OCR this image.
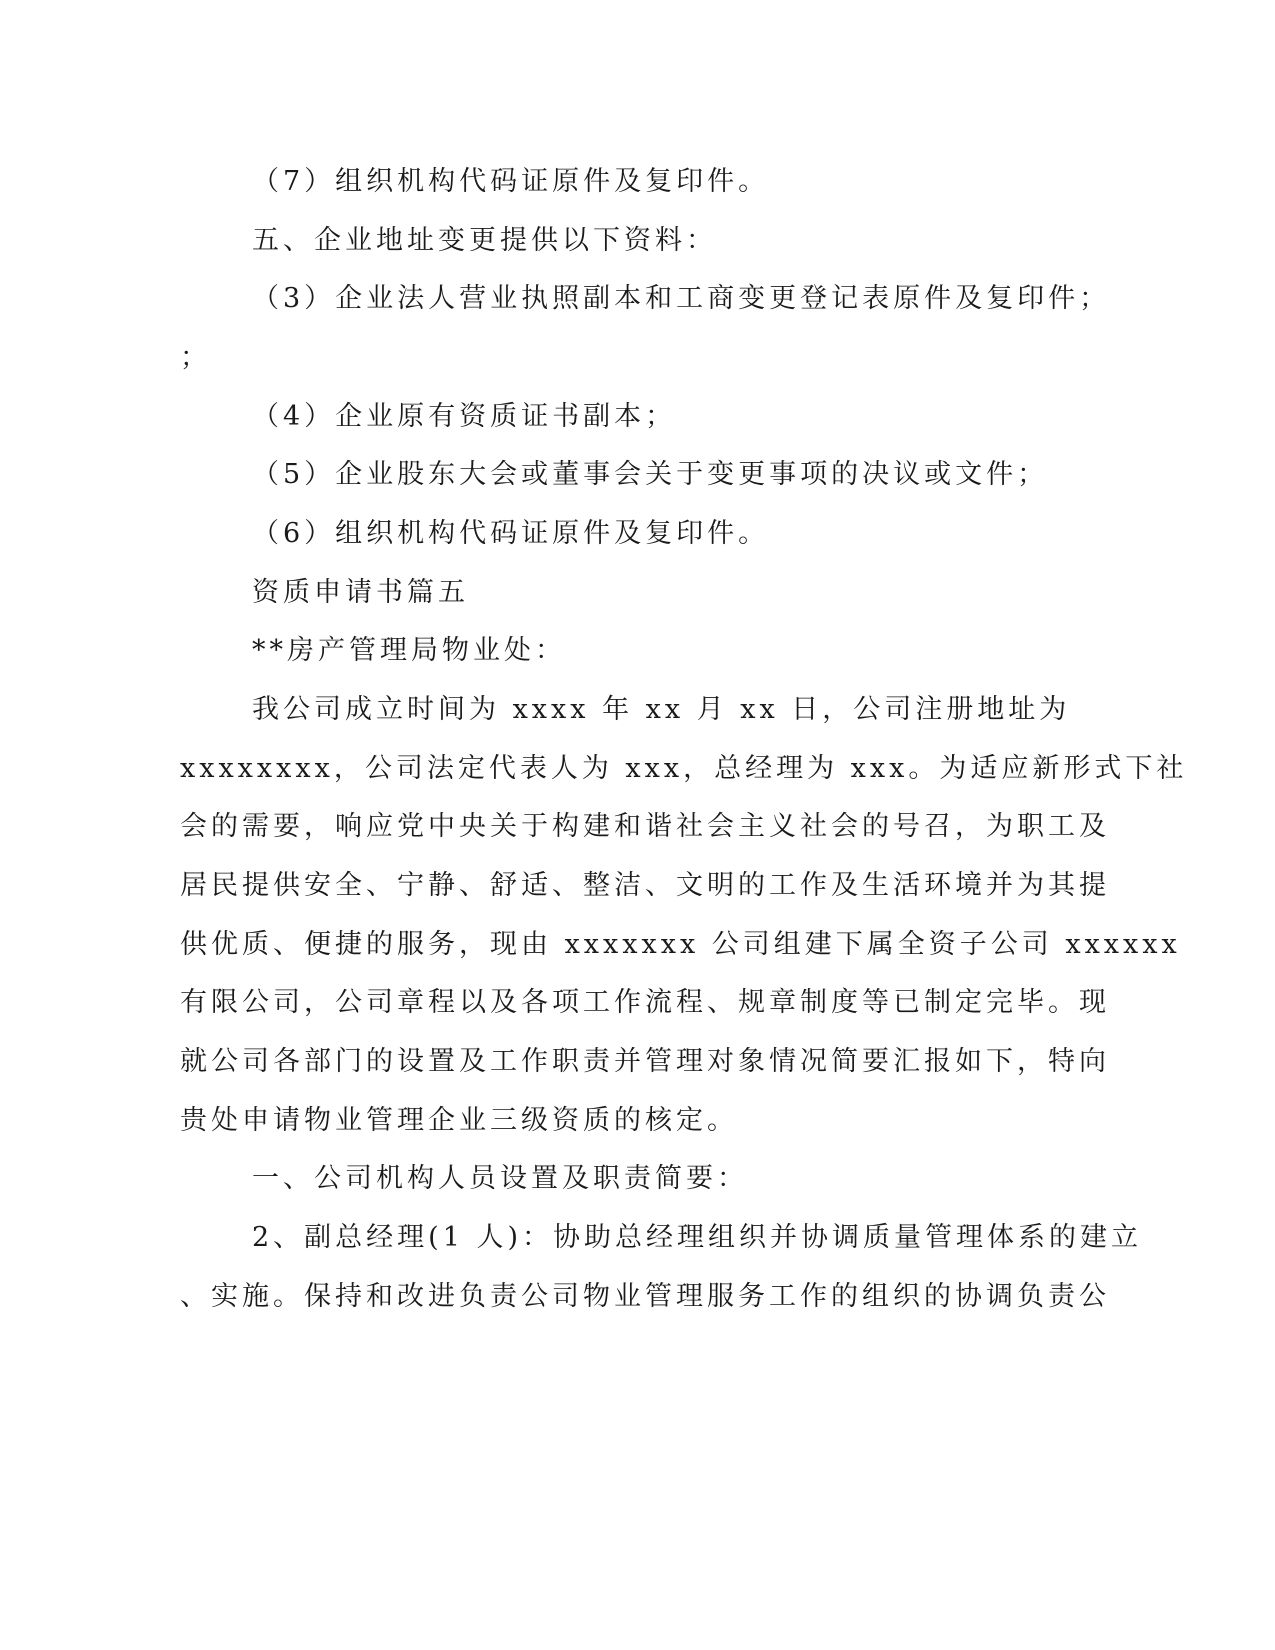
（7）组织机构代码证原件及复印件。
五、企业地址变更提供以下资料：
（3）企业法人营业执照副本和工商变更登记表原件及复印件；
；
（4）企业原有资质证书副本；
（5）企业股东大会或董事会关于变更事项的决议或文件；
（6）组织机构代码证原件及复印件。
资质申请书篇五
**房产管理局物业处：
我公司成立时间为 xxxx 年 xx 月 xx 日，公司注册地址为
xxxxxxxx，公司法定代表人为 xxx，总经理为 xxx。为适应新形式下社
会的需要，响应党中央关于构建和谐社会主义社会的号召，为职工及
居民提供安全、宁静、舒适、整洁、文明的工作及生活环境并为其提
供优质、便捷的服务，现由 xxxxxxx 公司组建下属全资子公司 xxxxxx
有限公司，公司章程以及各项工作流程、规章制度等已制定完毕。现
就公司各部门的设置及工作职责并管理对象情况简要汇报如下，特向
贵处申请物业管理企业三级资质的核定。
一、公司机构人员设置及职责简要：
2、副总经理(1 人)：协助总经理组织并协调质量管理体系的建立
、实施。保持和改进负责公司物业管理服务工作的组织的协调负责公
